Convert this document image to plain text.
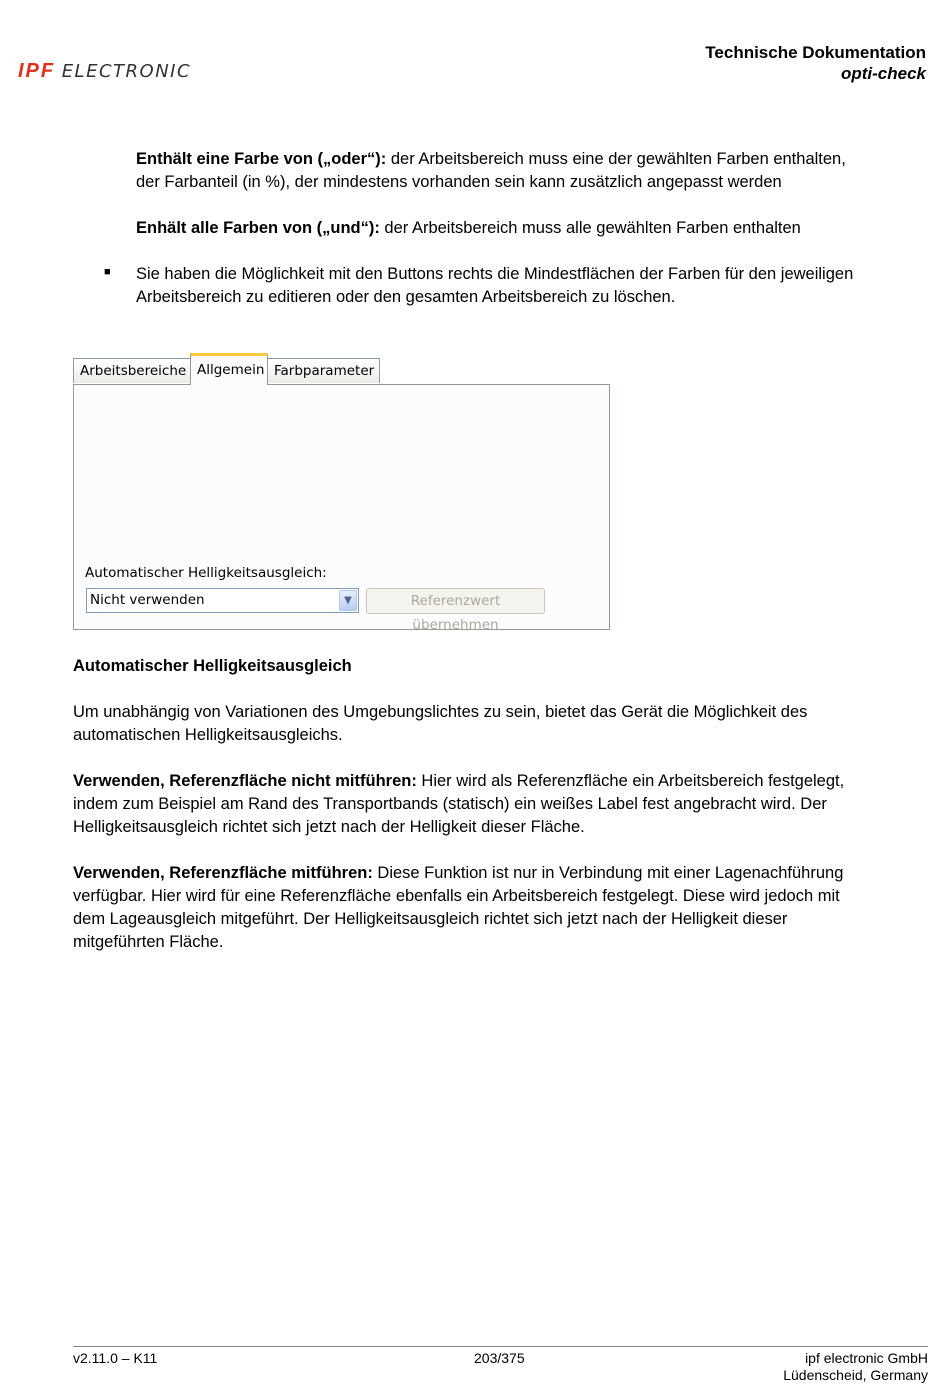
IPF ELECTRONIC
Technische Dokumentation
opti-check

Enthält eine Farbe von („oder“): der Arbeitsbereich muss eine der gewählten Farben enthalten,
der Farbanteil (in %), der mindestens vorhanden sein kann zusätzlich angepasst werden

Enhält alle Farben von („und“): der Arbeitsbereich muss alle gewählten Farben enthalten

■ Sie haben die Möglichkeit mit den Buttons rechts die Mindestflächen der Farben für den jeweiligen
Arbeitsbereich zu editieren oder den gesamten Arbeitsbereich zu löschen.

Arbeitsbereiche Allgemein Farbparameter
Automatischer Helligkeitsausgleich:
Nicht verwenden	▼	Referenzwert übernehmen

Automatischer Helligkeitsausgleich

Um unabhängig von Variationen des Umgebungslichtes zu sein, bietet das Gerät die Möglichkeit des
automatischen Helligkeitsausgleichs.

Verwenden, Referenzfläche nicht mitführen: Hier wird als Referenzfläche ein Arbeitsbereich festgelegt,
indem zum Beispiel am Rand des Transportbands (statisch) ein weißes Label fest angebracht wird. Der
Helligkeitsausgleich richtet sich jetzt nach der Helligkeit dieser Fläche.

Verwenden, Referenzfläche mitführen: Diese Funktion ist nur in Verbindung mit einer Lagenachführung
verfügbar. Hier wird für eine Referenzfläche ebenfalls ein Arbeitsbereich festgelegt. Diese wird jedoch mit
dem Lageausgleich mitgeführt. Der Helligkeitsausgleich richtet sich jetzt nach der Helligkeit dieser
mitgeführten Fläche.

v2.11.0 – K11	203/375	ipf electronic GmbH
Lüdenscheid, Germany
